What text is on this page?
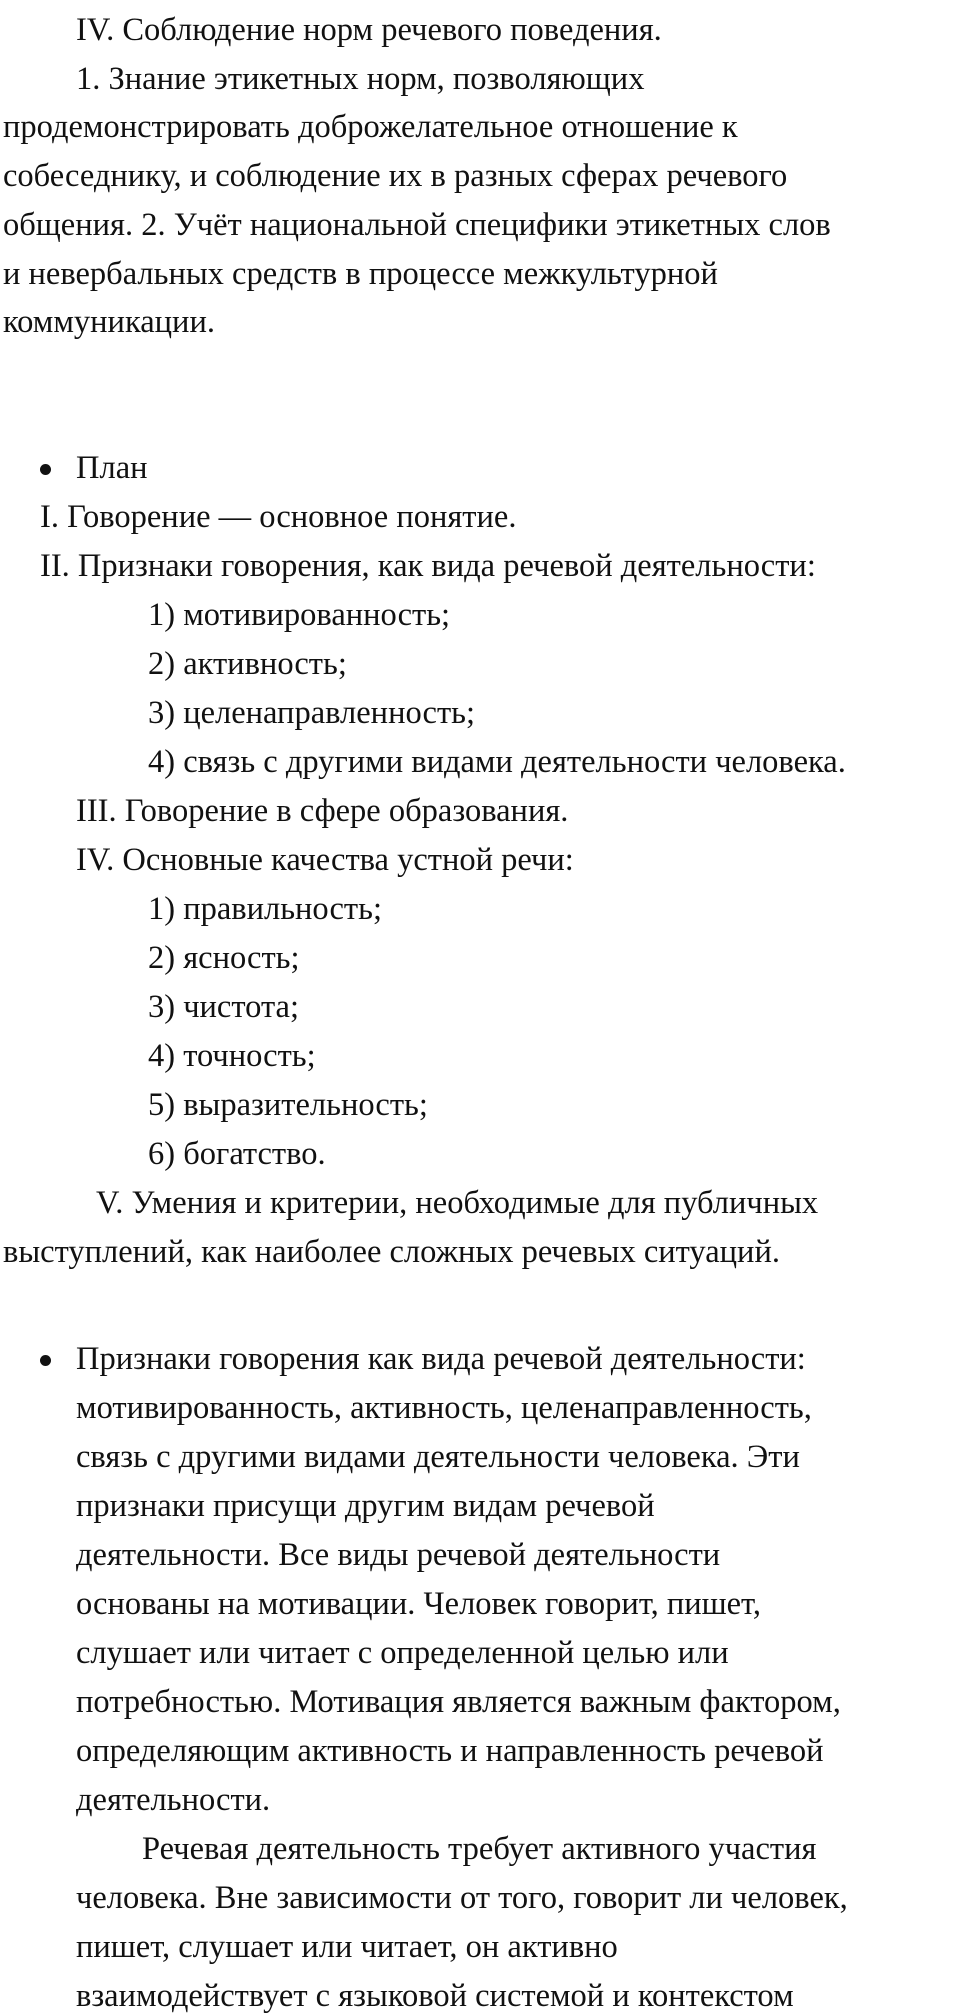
IV. Соблюдение норм речевого поведения.

1. Знание этикетных норм, позволяющих

продемонстрировать доброжелательное отношение к

собеседнику, и соблюдение их в разных сферах речевого

общения. 2. Учёт национальной специфики этикетных слов

и невербальных средств в процессе межкультурной

коммуникации.

План

I. Говорение — основное понятие.

II. Признаки говорения, как вида речевой деятельности:

1) мотивированность;

2) активность;

3) целенаправленность;

4) связь с другими видами деятельности человека.

III. Говорение в сфере образования.

IV. Основные качества устной речи:

1) правильность;

2) ясность;

3) чистота;

4) точность;

5) выразительность;

6) богатство.

V. Умения и критерии, необходимые для публичных

выступлений, как наиболее сложных речевых ситуаций.

Признаки говорения как вида речевой деятельности:

мотивированность, активность, целенаправленность,

связь с другими видами деятельности человека. Эти

признаки присущи другим видам речевой

деятельности. Все виды речевой деятельности

основаны на мотивации. Человек говорит, пишет,

слушает или читает с определенной целью или

потребностью. Мотивация является важным фактором,

определяющим активность и направленность речевой

деятельности.

Речевая деятельность требует активного участия

человека. Вне зависимости от того, говорит ли человек,

пишет, слушает или читает, он активно

взаимодействует с языковой системой и контекстом
